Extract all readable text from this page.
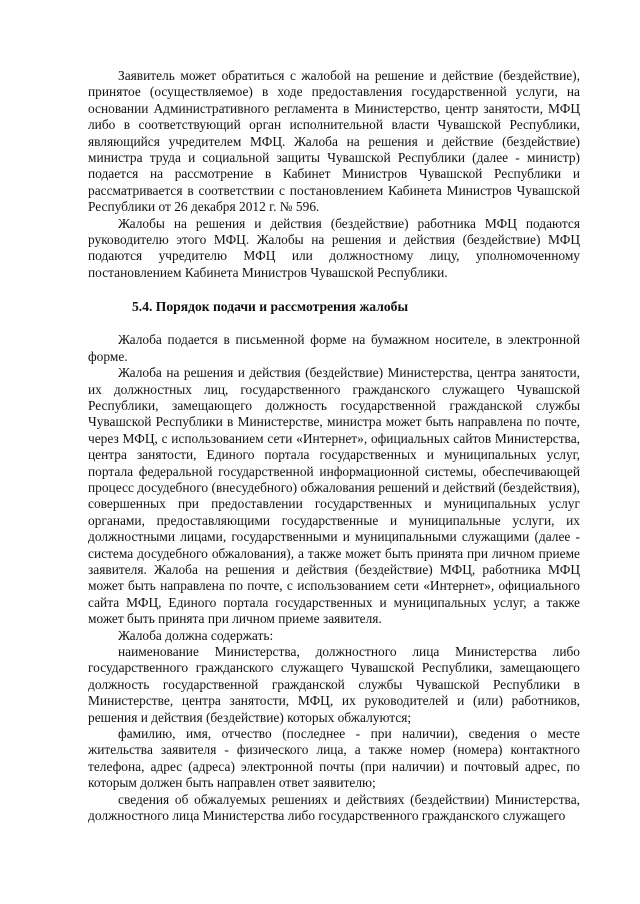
Заявитель может обратиться с жалобой на решение и действие (бездействие), принятое (осуществляемое) в ходе предоставления государственной услуги, на основании Административного регламента в Министерство, центр занятости, МФЦ либо в соответствующий орган исполнительной власти Чувашской Республики, являющийся учредителем МФЦ. Жалоба на решения и действие (бездействие) министра труда и социальной защиты Чувашской Республики (далее - министр) подается на рассмотрение в Кабинет Министров Чувашской Республики и рассматривается в соответствии с постановлением Кабинета Министров Чувашской Республики от 26 декабря 2012 г. № 596.

Жалобы на решения и действия (бездействие) работника МФЦ подаются руководителю этого МФЦ. Жалобы на решения и действия (бездействие) МФЦ подаются учредителю МФЦ или должностному лицу, уполномоченному постановлением Кабинета Министров Чувашской Республики.

5.4. Порядок подачи и рассмотрения жалобы

Жалоба подается в письменной форме на бумажном носителе, в электронной форме.

Жалоба на решения и действия (бездействие) Министерства, центра занятости, их должностных лиц, государственного гражданского служащего Чувашской Республики, замещающего должность государственной гражданской службы Чувашской Республики в Министерстве, министра может быть направлена по почте, через МФЦ, с использованием сети «Интернет», официальных сайтов Министерства, центра занятости, Единого портала государственных и муниципальных услуг, портала федеральной государственной информационной системы, обеспечивающей процесс досудебного (внесудебного) обжалования решений и действий (бездействия), совершенных при предоставлении государственных и муниципальных услуг органами, предоставляющими государственные и муниципальные услуги, их должностными лицами, государственными и муниципальными служащими (далее - система досудебного обжалования), а также может быть принята при личном приеме заявителя. Жалоба на решения и действия (бездействие) МФЦ, работника МФЦ может быть направлена по почте, с использованием сети «Интернет», официального сайта МФЦ, Единого портала государственных и муниципальных услуг, а также может быть принята при личном приеме заявителя.

Жалоба должна содержать:

наименование Министерства, должностного лица Министерства либо государственного гражданского служащего Чувашской Республики, замещающего должность государственной гражданской службы Чувашской Республики в Министерстве, центра занятости, МФЦ, их руководителей и (или) работников, решения и действия (бездействие) которых обжалуются;

фамилию, имя, отчество (последнее - при наличии), сведения о месте жительства заявителя - физического лица, а также номер (номера) контактного телефона, адрес (адреса) электронной почты (при наличии) и почтовый адрес, по которым должен быть направлен ответ заявителю;

сведения об обжалуемых решениях и действиях (бездействии) Министерства, должностного лица Министерства либо государственного гражданского служащего
